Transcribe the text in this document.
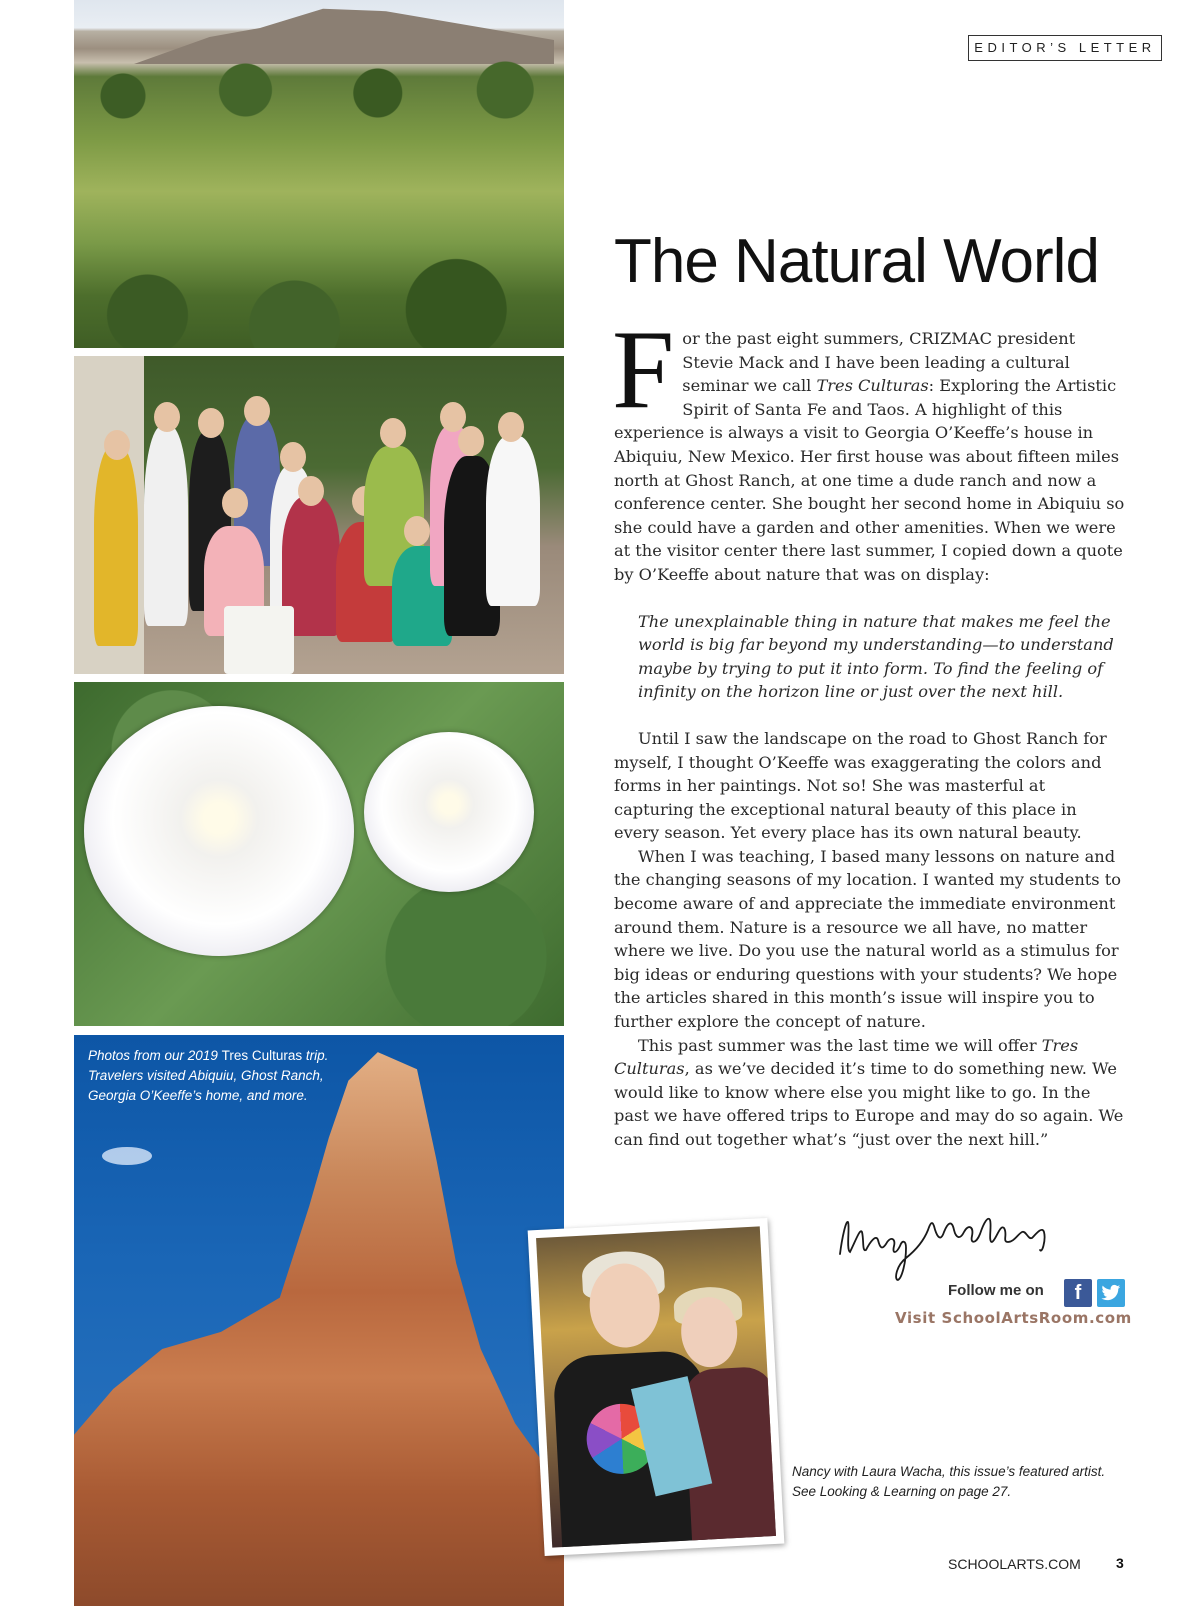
Photos from our 2019 Tres Culturas trip.
Travelers visited Abiquiu, Ghost Ranch, Georgia O’Keeffe’s home, and more.

EDITOR’S LETTER
The Natural World

For the past eight summers, CRIZMAC president Stevie Mack and I have been leading a cultural seminar we call Tres Culturas: Exploring the Artistic Spirit of Santa Fe and Taos. A highlight of this experience is always a visit to Georgia O’Keeffe’s house in Abiquiu, New Mexico. Her first house was about fifteen miles north at Ghost Ranch, at one time a dude ranch and now a conference center. She bought her second home in Abiquiu so she could have a garden and other amenities. When we were at the visitor center there last summer, I copied down a quote by O’Keeffe about nature that was on display:

The unexplainable thing in nature that makes me feel the world is big far beyond my understanding—to understand maybe by trying to put it into form. To find the feeling of infinity on the horizon line or just over the next hill.

Until I saw the landscape on the road to Ghost Ranch for myself, I thought O’Keeffe was exaggerating the colors and forms in her paintings. Not so! She was masterful at capturing the exceptional natural beauty of this place in every season. Yet every place has its own natural beauty.

When I was teaching, I based many lessons on nature and the changing seasons of my location. I wanted my students to become aware of and appreciate the immediate environment around them. Nature is a resource we all have, no matter where we live. Do you use the natural world as a stimulus for big ideas or enduring questions with your students? We hope the articles shared in this month’s issue will inspire you to further explore the concept of nature.

This past summer was the last time we will offer Tres Culturas, as we’ve decided it’s time to do something new. We would like to know where else you might like to go. In the past we have offered trips to Europe and may do so again. We can find out together what’s “just over the next hill.”

Follow me on	f
Visit SchoolArtsRoom.com

Nancy with Laura Wacha, this issue’s featured artist. See Looking & Learning on page 27.

SCHOOLARTS.COM	3
